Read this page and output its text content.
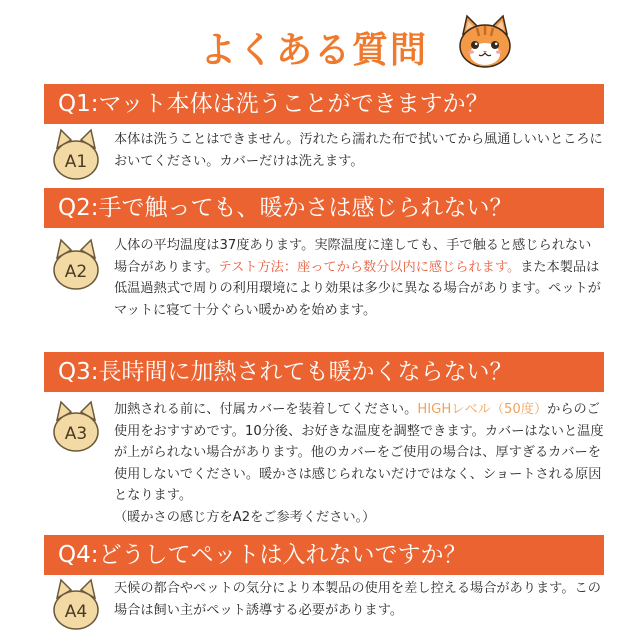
よくある質問
Q1:マット本体は洗うことができますか？
A1
本体は洗うことはできません。汚れたら濡れた布で拭いてから風通しいいところにおいてください。カバーだけは洗えます。
Q2:手で触っても、暖かさは感じられない？
A2
人体の平均温度は37度あります。実際温度に達しても、手で触ると感じられない場合があります。テスト方法：座ってから数分以内に感じられます。また本製品は低温過熱式で周りの利用環境により効果は多少に異なる場合があります。ペットがマットに寝て十分ぐらい暖かめを始めます。
Q3:長時間に加熱されても暖かくならない？
A3
加熱される前に、付属カバーを装着してください。HIGHレベル（50度）からのご使用をおすすめです。10分後、お好きな温度を調整できます。カバーはないと温度が上がられない場合があります。他のカバーをご使用の場合は、厚すぎるカバーを使用しないでください。暖かさは感じられないだけではなく、ショートされる原因となります。
（暖かさの感じ方をA2をご参考ください。）
Q4:どうしてペットは入れないですか？
A4
天候の都合やペットの気分により本製品の使用を差し控える場合があります。この場合は飼い主がペット誘導する必要があります。
